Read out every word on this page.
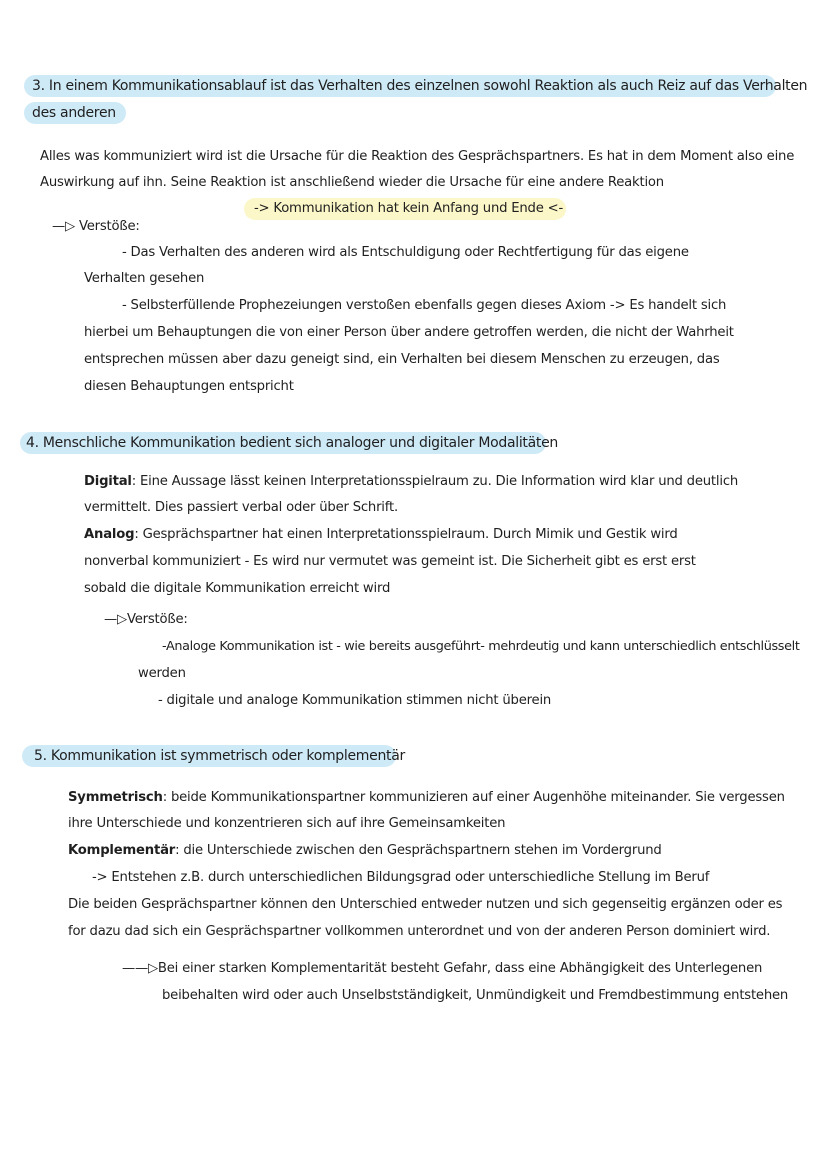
3. In einem Kommunikationsablauf ist das Verhalten des einzelnen sowohl Reaktion als auch Reiz auf das Verhalten
des anderen
Alles was kommuniziert wird ist die Ursache für die Reaktion des Gesprächspartners. Es hat in dem Moment also eine
Auswirkung auf ihn. Seine Reaktion ist anschließend wieder die Ursache für eine andere Reaktion
-> Kommunikation hat kein Anfang und Ende <-
—▷ Verstöße:
- Das Verhalten des anderen wird als Entschuldigung oder Rechtfertigung für das eigene
Verhalten gesehen
- Selbsterfüllende Prophezeiungen verstoßen ebenfalls gegen dieses Axiom -> Es handelt sich
hierbei um Behauptungen die von einer Person über andere getroffen werden, die nicht der Wahrheit
entsprechen müssen aber dazu geneigt sind, ein Verhalten bei diesem Menschen zu erzeugen, das
diesen Behauptungen entspricht
4. Menschliche Kommunikation bedient sich analoger und digitaler Modalitäten
Digital: Eine Aussage lässt keinen Interpretationsspielraum zu. Die Information wird klar und deutlich
vermittelt. Dies passiert verbal oder über Schrift.
Analog: Gesprächspartner hat einen Interpretationsspielraum. Durch Mimik und Gestik wird
nonverbal kommuniziert - Es wird nur vermutet was gemeint ist. Die Sicherheit gibt es erst erst
sobald die digitale Kommunikation erreicht wird
—▷Verstöße:
-Analoge Kommunikation ist - wie bereits ausgeführt- mehrdeutig und kann unterschiedlich entschlüsselt
werden
- digitale und analoge Kommunikation stimmen nicht überein
5. Kommunikation ist symmetrisch oder komplementär
Symmetrisch: beide Kommunikationspartner kommunizieren auf einer Augenhöhe miteinander. Sie vergessen
ihre Unterschiede und konzentrieren sich auf ihre Gemeinsamkeiten
Komplementär: die Unterschiede zwischen den Gesprächspartnern stehen im Vordergrund
-> Entstehen z.B. durch unterschiedlichen Bildungsgrad oder unterschiedliche Stellung im Beruf
Die beiden Gesprächspartner können den Unterschied entweder nutzen und sich gegenseitig ergänzen oder es
for dazu dad sich ein Gesprächspartner vollkommen unterordnet und von der anderen Person dominiert wird.
——▷Bei einer starken Komplementarität besteht Gefahr, dass eine Abhängigkeit des Unterlegenen
beibehalten wird oder auch Unselbstständigkeit, Unmündigkeit und Fremdbestimmung entstehen
